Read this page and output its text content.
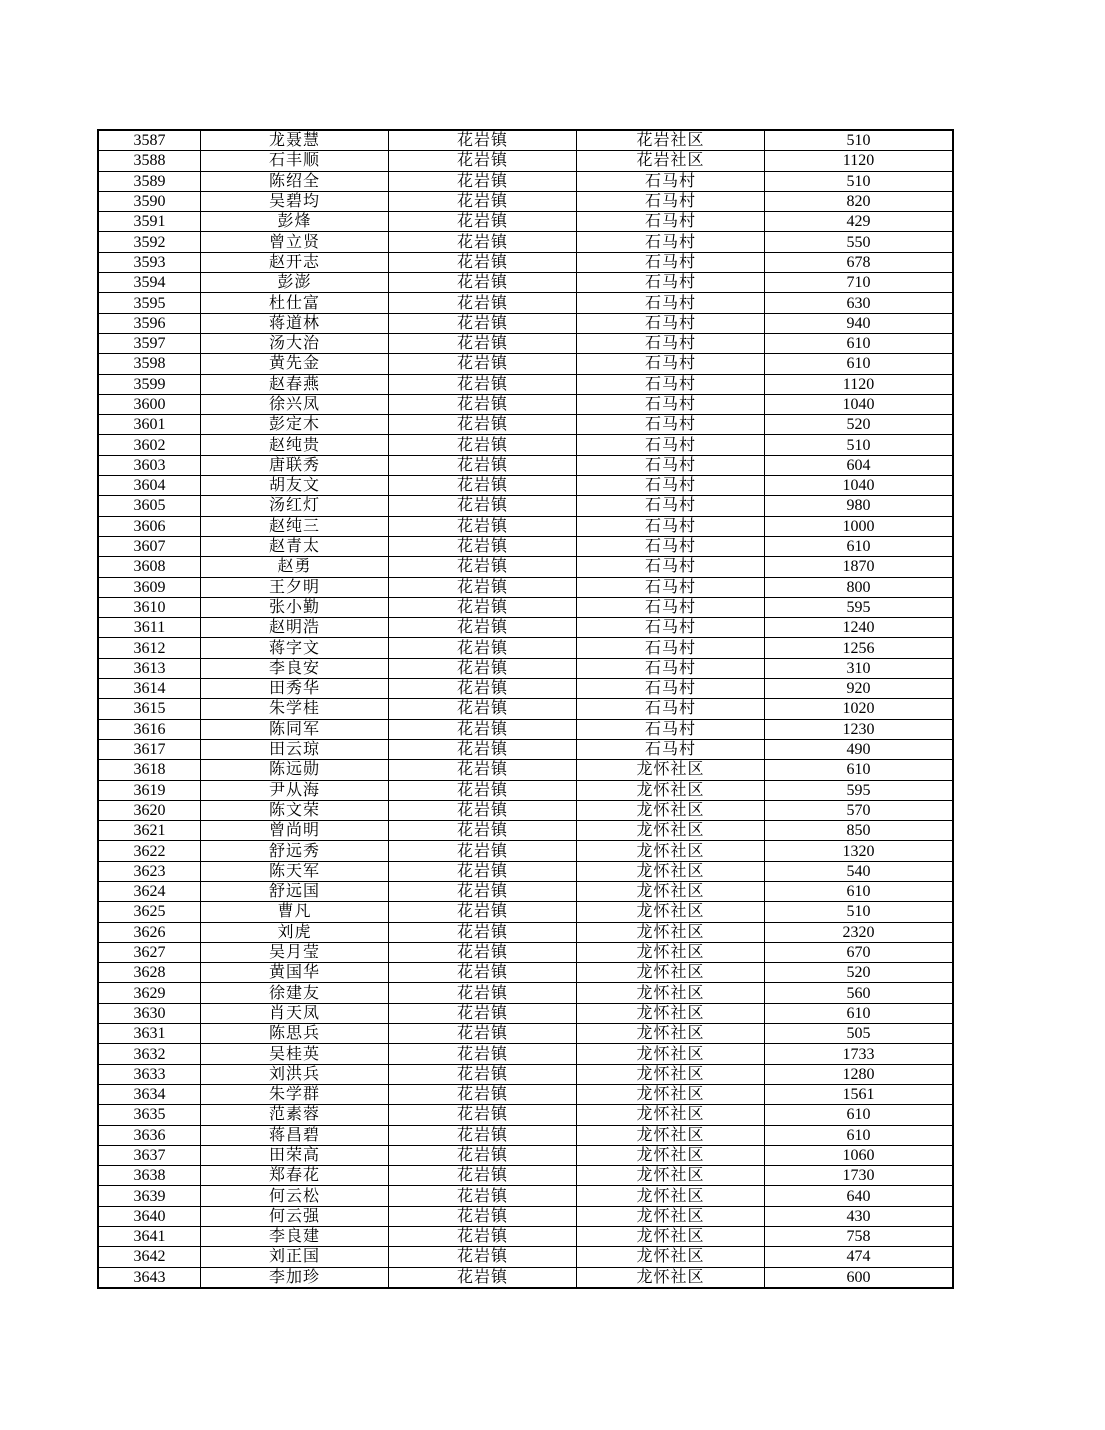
3587	龙聂慧	花岩镇	花岩社区	510
3588	石丰顺	花岩镇	花岩社区	1120
3589	陈绍全	花岩镇	石马村	510
3590	吴碧均	花岩镇	石马村	820
3591	彭烽	花岩镇	石马村	429
3592	曾立贤	花岩镇	石马村	550
3593	赵开志	花岩镇	石马村	678
3594	彭澎	花岩镇	石马村	710
3595	杜仕富	花岩镇	石马村	630
3596	蒋道林	花岩镇	石马村	940
3597	汤大治	花岩镇	石马村	610
3598	黄先金	花岩镇	石马村	610
3599	赵春燕	花岩镇	石马村	1120
3600	徐兴凤	花岩镇	石马村	1040
3601	彭定木	花岩镇	石马村	520
3602	赵纯贵	花岩镇	石马村	510
3603	唐联秀	花岩镇	石马村	604
3604	胡友文	花岩镇	石马村	1040
3605	汤红灯	花岩镇	石马村	980
3606	赵纯三	花岩镇	石马村	1000
3607	赵青太	花岩镇	石马村	610
3608	赵勇	花岩镇	石马村	1870
3609	王夕明	花岩镇	石马村	800
3610	张小勤	花岩镇	石马村	595
3611	赵明浩	花岩镇	石马村	1240
3612	蒋字文	花岩镇	石马村	1256
3613	李良安	花岩镇	石马村	310
3614	田秀华	花岩镇	石马村	920
3615	朱学桂	花岩镇	石马村	1020
3616	陈同军	花岩镇	石马村	1230
3617	田云琼	花岩镇	石马村	490
3618	陈远勋	花岩镇	龙怀社区	610
3619	尹从海	花岩镇	龙怀社区	595
3620	陈文荣	花岩镇	龙怀社区	570
3621	曾尚明	花岩镇	龙怀社区	850
3622	舒远秀	花岩镇	龙怀社区	1320
3623	陈天军	花岩镇	龙怀社区	540
3624	舒远国	花岩镇	龙怀社区	610
3625	曹凡	花岩镇	龙怀社区	510
3626	刘虎	花岩镇	龙怀社区	2320
3627	吴月莹	花岩镇	龙怀社区	670
3628	黄国华	花岩镇	龙怀社区	520
3629	徐建友	花岩镇	龙怀社区	560
3630	肖天凤	花岩镇	龙怀社区	610
3631	陈思兵	花岩镇	龙怀社区	505
3632	吴桂英	花岩镇	龙怀社区	1733
3633	刘洪兵	花岩镇	龙怀社区	1280
3634	朱学群	花岩镇	龙怀社区	1561
3635	范素蓉	花岩镇	龙怀社区	610
3636	蒋昌碧	花岩镇	龙怀社区	610
3637	田荣高	花岩镇	龙怀社区	1060
3638	郑春花	花岩镇	龙怀社区	1730
3639	何云松	花岩镇	龙怀社区	640
3640	何云强	花岩镇	龙怀社区	430
3641	李良建	花岩镇	龙怀社区	758
3642	刘正国	花岩镇	龙怀社区	474
3643	李加珍	花岩镇	龙怀社区	600
